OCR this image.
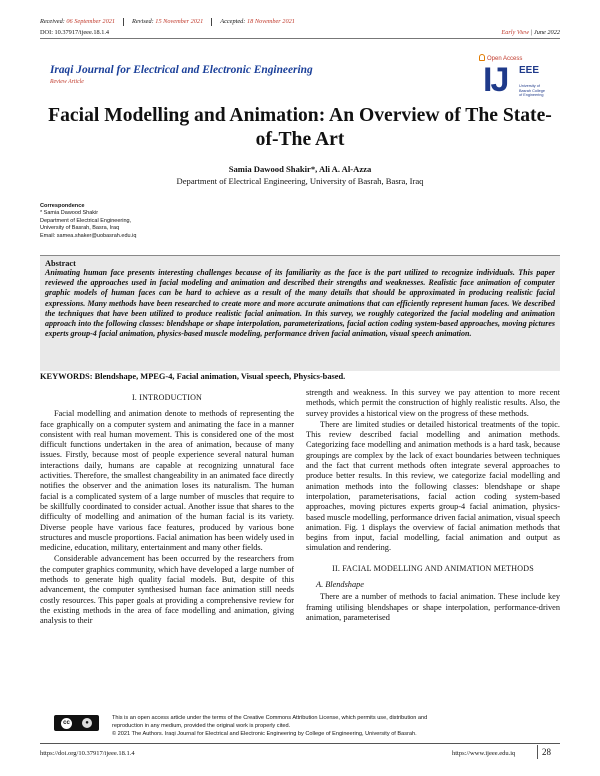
Received: 06 September 2021	Revised: 15 November 2021	Accepted: 18 November 2021
DOI: 10.37917/ijeee.18.1.4	Early View | June 2022
Iraqi Journal for Electrical and Electronic Engineering
Review Article
Open Access
IJ EEE
University of Basrah College of Engineering
Facial Modelling and Animation: An Overview of The State-of-The Art
Samia Dawood Shakir*, Ali A. Al-Azza
Department of Electrical Engineering, University of Basrah, Basra, Iraq
Correspondence
* Samia Dawood Shakir
Department of Electrical Engineering,
University of Basrah, Basra, Iraq
Email: samea.shaker@uobasrah.edu.iq
Abstract
Animating human face presents interesting challenges because of its familiarity as the face is the part utilized to recognize individuals. This paper reviewed the approaches used in facial modeling and animation and described their strengths and weaknesses. Realistic face animation of computer graphic models of human faces can be hard to achieve as a result of the many details that should be approximated in producing realistic facial expressions. Many methods have been researched to create more and more accurate animations that can efficiently represent human faces. We described the techniques that have been utilized to produce realistic facial animation. In this survey, we roughly categorized the facial modeling and animation approach into the following classes: blendshape or shape interpolation, parameterizations, facial action coding system-based approaches, moving pictures experts group-4 facial animation, physics-based muscle modeling, performance driven facial animation, visual speech animation.
KEYWORDS: Blendshape, MPEG-4, Facial animation, Visual speech, Physics-based.
I. INTRODUCTION

Facial modelling and animation denote to methods of representing the face graphically on a computer system and animating the face in a manner consistent with real human movement. This is considered one of the most difficult functions undertaken in the area of animation, because of many issues. Firstly, because most of people experience several natural human interactions daily, humans are capable at recognizing unnatural face activities. Therefore, the smallest changeability in an animated face directly notifies the observer and the animation loses its naturalism. The human facial is a complicated system of a large number of muscles that require to be skillfully coordinated to consider actual. Another issue that shares to the difficulty of modelling and animation of the human facial is its variety. Diverse people have various face features, produced by various bone structures and muscle proportions. Facial animation has been widely used in medicine, education, military, entertainment and many other fields.

Considerable advancement has been occurred by the researchers from the computer graphics community, which have developed a large number of methods to generate high quality facial models. But, despite of this advancement, the computer synthesised human face animation still needs costly resources. This paper goals at providing a comprehensive review for the existing methods in the area of face modelling and animation, giving analysis to their

strength and weakness. In this survey we pay attention to more recent methods, which permit the construction of highly realistic results. Also, the survey provides a historical view on the progress of these methods.

There are limited studies or detailed historical treatments of the topic. This review described facial modelling and animation methods. Categorizing face modelling and animation methods is a hard task, because groupings are complex by the lack of exact boundaries between techniques and the fact that current methods often integrate several approaches to produce better results. In this review, we categorize facial modelling and animation methods into the following classes: blendshape or shape interpolation, parameterisations, facial action coding system-based approaches, moving pictures experts group-4 facial animation, physics-based muscle modelling, performance driven facial animation, visual speech animation. Fig. 1 displays the overview of facial animation methods that begins from input, facial modelling, facial animation and output as simulation and rendering.

II. FACIAL MODELLING AND ANIMATION METHODS
A. Blendshape

There are a number of methods to facial animation. These include key framing utilising blendshapes or shape interpolation, performance-driven animation, parameterised

cc	●
This is an open access article under the terms of the Creative Commons Attribution License, which permits use, distribution and
reproduction in any medium, provided the original work is properly cited.
© 2021 The Authors. Iraqi Journal for Electrical and Electronic Engineering by College of Engineering, University of Basrah.
https://doi.org/10.37917/ijeee.18.1.4	https://www.ijeee.edu.iq	28
